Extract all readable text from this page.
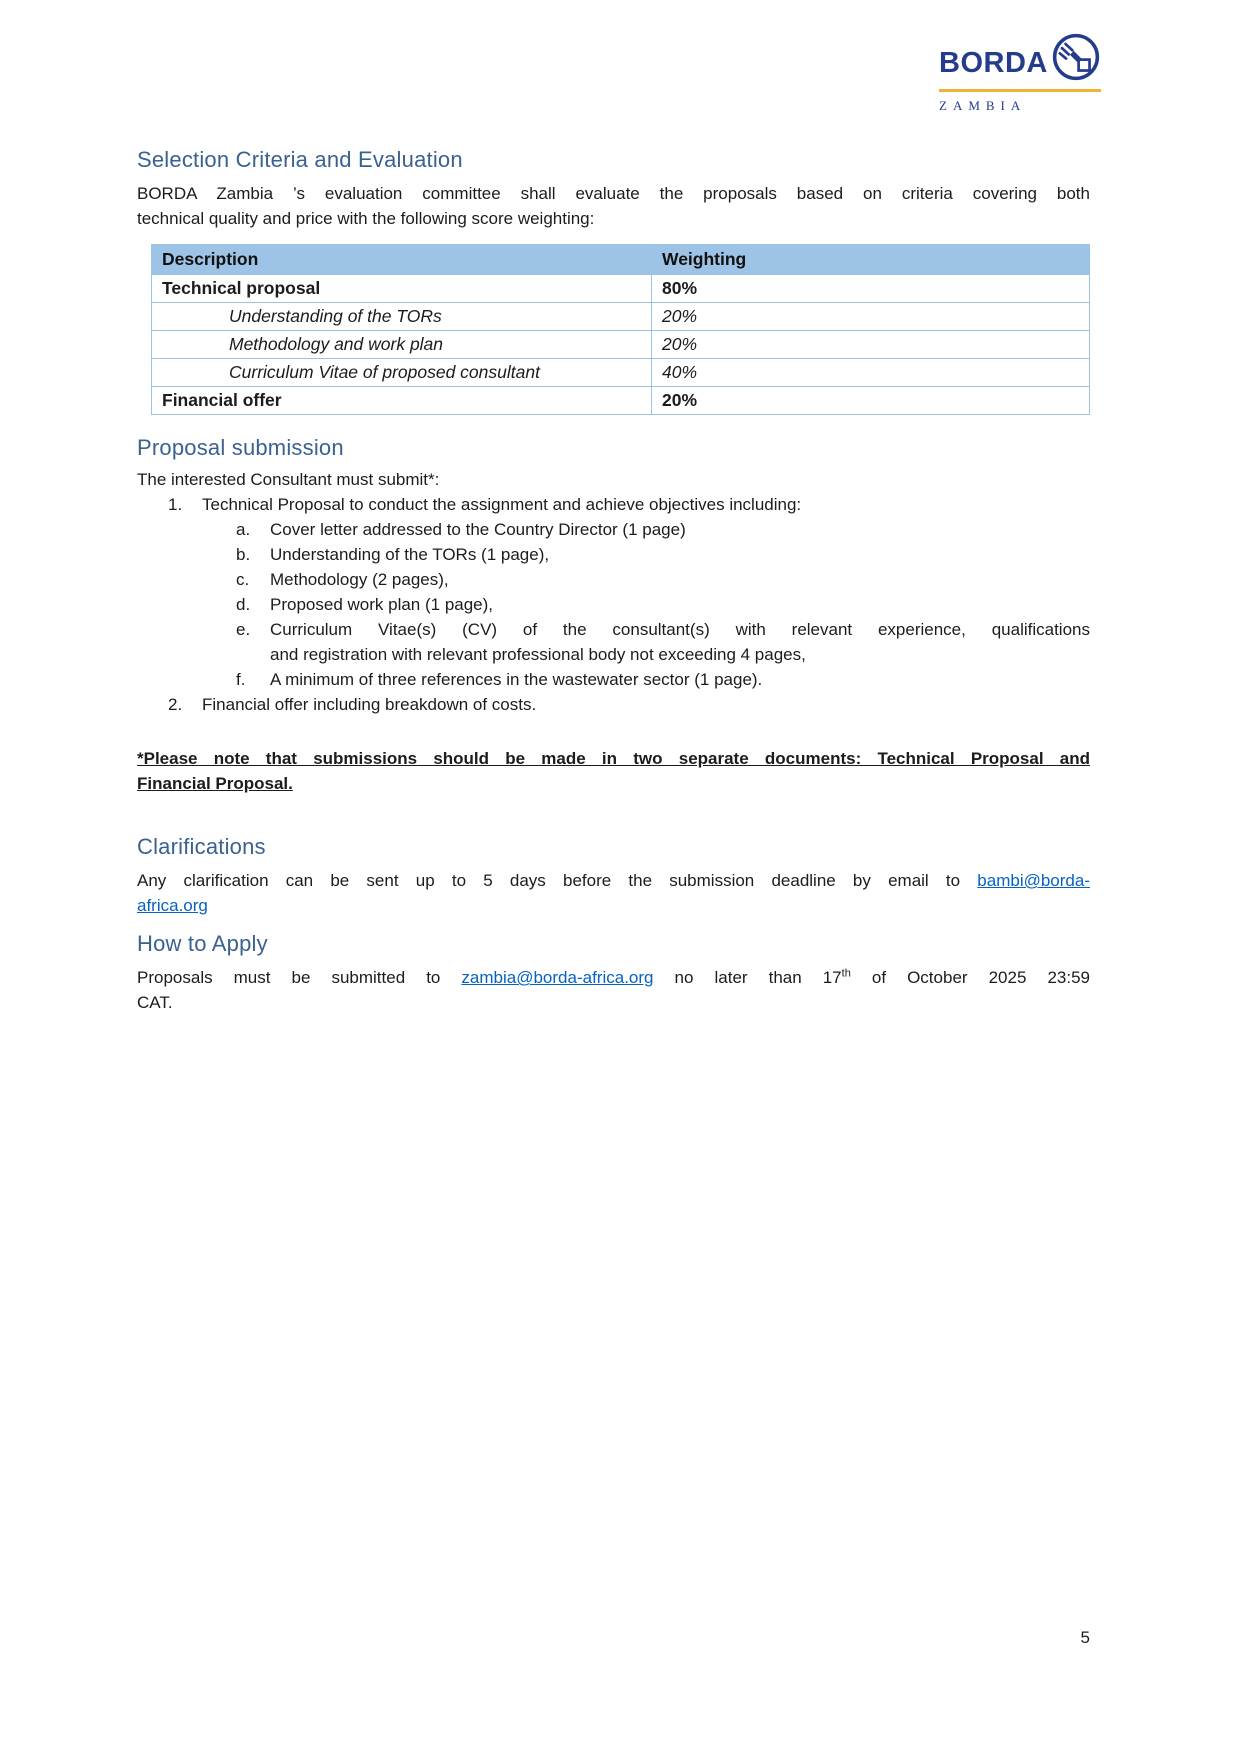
BORDA
ZAMBIA
Selection Criteria and Evaluation
BORDA Zambia ’s evaluation committee shall evaluate the proposals based on criteria covering both
technical quality and price with the following score weighting:
Description	Weighting
Technical proposal	80%
Understanding of the TORs	20%
Methodology and work plan	20%
Curriculum Vitae of proposed consultant	40%
Financial offer	20%
Proposal submission
The interested Consultant must submit*:
1.	Technical Proposal to conduct the assignment and achieve objectives including:
a.	Cover letter addressed to the Country Director (1 page)
b.	Understanding of the TORs (1 page),
c.	Methodology (2 pages),
d.	Proposed work plan (1 page),
e.	Curriculum Vitae(s) (CV) of the consultant(s) with relevant experience, qualifications
and registration with relevant professional body not exceeding 4 pages,
f.	A minimum of three references in the wastewater sector (1 page).
2.	Financial offer including breakdown of costs.
*Please note that submissions should be made in two separate documents: Technical Proposal and
Financial Proposal.
Clarifications
Any clarification can be sent up to 5 days before the submission deadline by email to bambi@borda-
africa.org
How to Apply
Proposals must be submitted to zambia@borda-africa.org no later than 17th of October 2025 23:59
CAT.
5
